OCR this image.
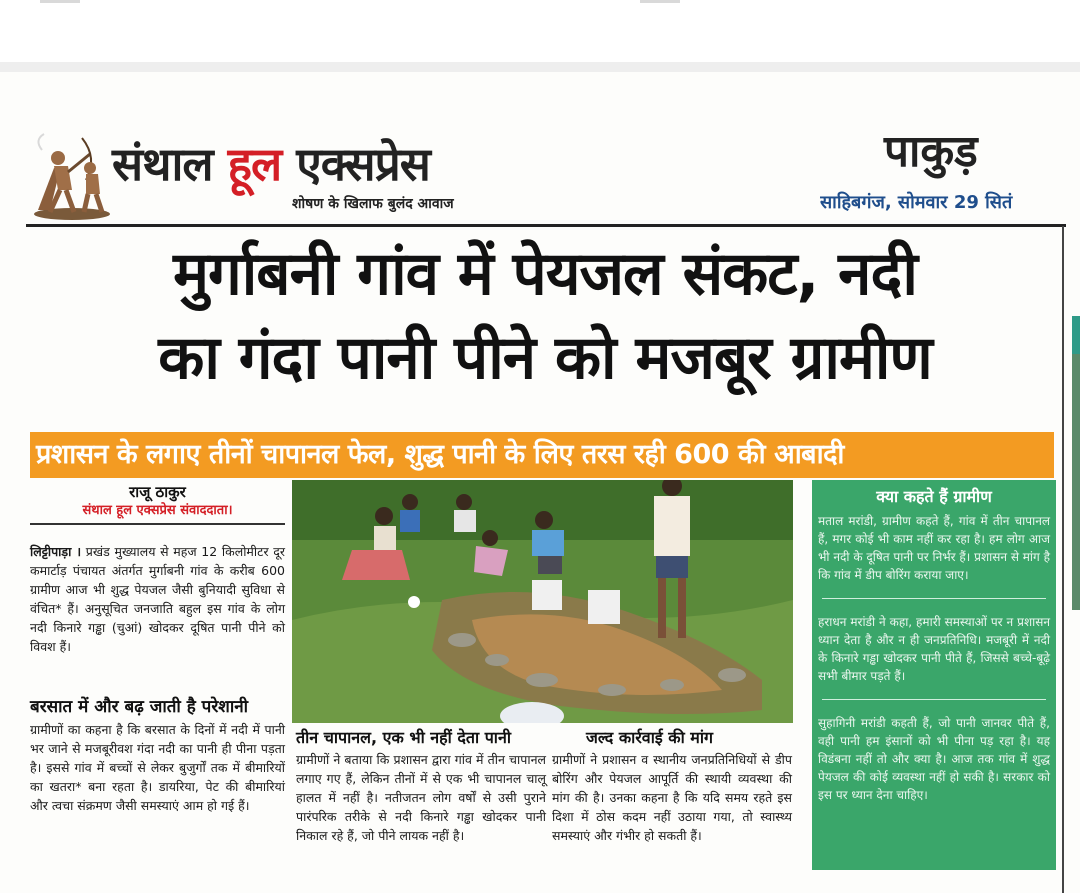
संथाल हूल एक्सप्रेस
शोषण के खिलाफ बुलंद आवाज
पाकुड़
साहिबगंज, सोमवार 29 सितं
मुर्गाबनी गांव में पेयजल संकट, नदी
का गंदा पानी पीने को मजबूर ग्रामीण
प्रशासन के लगाए तीनों चापानल फेल, शुद्ध पानी के लिए तरस रही 600 की आबादी
राजू ठाकुर
संथाल हूल एक्सप्रेस संवाददाता।
लिट्टीपाड़ा । प्रखंड मुख्यालय से महज 12 किलोमीटर दूर कमार्टाड़ पंचायत अंतर्गत मुर्गाबनी गांव के करीब 600 ग्रामीण आज भी शुद्ध पेयजल जैसी बुनियादी सुविधा से वंचित* हैं। अनुसूचित जनजाति बहुल इस गांव के लोग नदी किनारे गड्ढा (चुआं) खोदकर दूषित पानी पीने को विवश हैं।
बरसात में और बढ़ जाती है परेशानी
ग्रामीणों का कहना है कि बरसात के दिनों में नदी में पानी भर जाने से मजबूरीवश गंदा नदी का पानी ही पीना पड़ता है। इससे गांव में बच्चों से लेकर बुजुर्गों तक में बीमारियों का खतरा* बना रहता है। डायरिया, पेट की बीमारियां और त्वचा संक्रमण जैसी समस्याएं आम हो गई हैं।
तीन चापानल, एक भी नहीं देता पानी
ग्रामीणों ने बताया कि प्रशासन द्वारा गांव में तीन चापानल लगाए गए हैं, लेकिन तीनों में से एक भी चापानल चालू हालत में नहीं है। नतीजतन लोग वर्षों से उसी पुराने पारंपरिक तरीके से नदी किनारे गड्ढा खोदकर पानी निकाल रहे हैं, जो पीने लायक नहीं है।
जल्द कार्रवाई की मांग
ग्रामीणों ने प्रशासन व स्थानीय जनप्रतिनिधियों से डीप बोरिंग और पेयजल आपूर्ति की स्थायी व्यवस्था की मांग की है। उनका कहना है कि यदि समय रहते इस दिशा में ठोस कदम नहीं उठाया गया, तो स्वास्थ्य समस्याएं और गंभीर हो सकती हैं।
क्या कहते हैं ग्रामीण

मताल मरांडी, ग्रामीण कहते हैं, गांव में तीन चापानल हैं, मगर कोई भी काम नहीं कर रहा है। हम लोग आज भी नदी के दूषित पानी पर निर्भर हैं। प्रशासन से मांग है कि गांव में डीप बोरिंग कराया जाए।

हराधन मरांडी ने कहा, हमारी समस्याओं पर न प्रशासन ध्यान देता है और न ही जनप्रतिनिधि। मजबूरी में नदी के किनारे गड्ढा खोदकर पानी पीते हैं, जिससे बच्चे-बूढ़े सभी बीमार पड़ते हैं।

सुहागिनी मरांडी कहती हैं, जो पानी जानवर पीते हैं, वही पानी हम इंसानों को भी पीना पड़ रहा है। यह विडंबना नहीं तो और क्या है। आज तक गांव में शुद्ध पेयजल की कोई व्यवस्था नहीं हो सकी है। सरकार को इस पर ध्यान देना चाहिए।
